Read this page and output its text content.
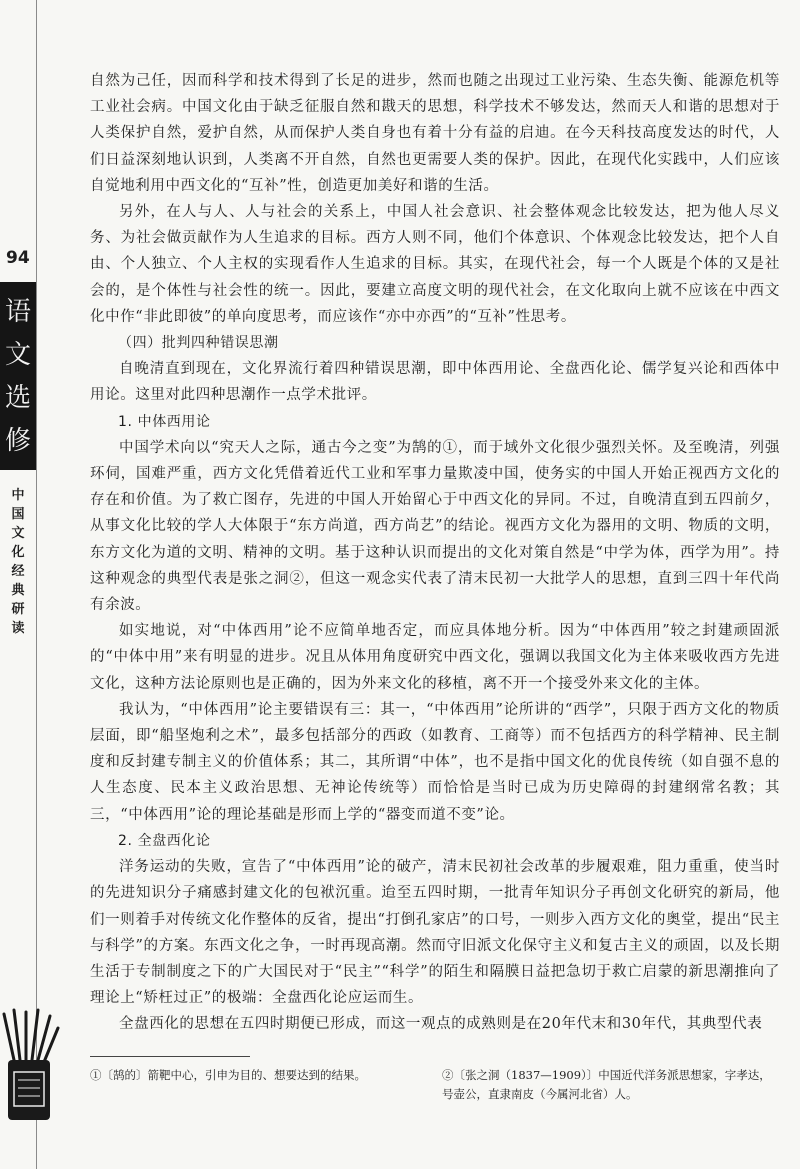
94
语
文
选
修
中国文化经典研读

自然为己任，因而科学和技术得到了长足的进步，然而也随之出现过工业污染、生态失衡、能源危机等工业社会病。中国文化由于缺乏征服自然和戡天的思想，科学技术不够发达，然而天人和谐的思想对于人类保护自然，爱护自然，从而保护人类自身也有着十分有益的启迪。在今天科技高度发达的时代，人们日益深刻地认识到，人类离不开自然，自然也更需要人类的保护。因此，在现代化实践中，人们应该自觉地利用中西文化的“互补”性，创造更加美好和谐的生活。

另外，在人与人、人与社会的关系上，中国人社会意识、社会整体观念比较发达，把为他人尽义务、为社会做贡献作为人生追求的目标。西方人则不同，他们个体意识、个体观念比较发达，把个人自由、个人独立、个人主权的实现看作人生追求的目标。其实，在现代社会，每一个人既是个体的又是社会的，是个体性与社会性的统一。因此，要建立高度文明的现代社会，在文化取向上就不应该在中西文化中作“非此即彼”的单向度思考，而应该作“亦中亦西”的“互补”性思考。

（四）批判四种错误思潮

自晚清直到现在，文化界流行着四种错误思潮，即中体西用论、全盘西化论、儒学复兴论和西体中用论。这里对此四种思潮作一点学术批评。

1. 中体西用论

中国学术向以“究天人之际，通古今之变”为鹄的①，而于域外文化很少强烈关怀。及至晚清，列强环伺，国难严重，西方文化凭借着近代工业和军事力量欺凌中国，使务实的中国人开始正视西方文化的存在和价值。为了救亡图存，先进的中国人开始留心于中西文化的异同。不过，自晚清直到五四前夕，从事文化比较的学人大体限于“东方尚道，西方尚艺”的结论。视西方文化为器用的文明、物质的文明，东方文化为道的文明、精神的文明。基于这种认识而提出的文化对策自然是“中学为体，西学为用”。持这种观念的典型代表是张之洞②，但这一观念实代表了清末民初一大批学人的思想，直到三四十年代尚有余波。

如实地说，对“中体西用”论不应简单地否定，而应具体地分析。因为“中体西用”较之封建顽固派的“中体中用”来有明显的进步。况且从体用角度研究中西文化，强调以我国文化为主体来吸收西方先进文化，这种方法论原则也是正确的，因为外来文化的移植，离不开一个接受外来文化的主体。

我认为，“中体西用”论主要错误有三：其一，“中体西用”论所讲的“西学”，只限于西方文化的物质层面，即“船坚炮利之术”，最多包括部分的西政（如教育、工商等）而不包括西方的科学精神、民主制度和反封建专制主义的价值体系；其二，其所谓“中体”，也不是指中国文化的优良传统（如自强不息的人生态度、民本主义政治思想、无神论传统等）而恰恰是当时已成为历史障碍的封建纲常名教；其三，“中体西用”论的理论基础是形而上学的“器变而道不变”论。

2. 全盘西化论

洋务运动的失败，宣告了“中体西用”论的破产，清末民初社会改革的步履艰难，阻力重重，使当时的先进知识分子痛感封建文化的包袱沉重。迨至五四时期，一批青年知识分子再创文化研究的新局，他们一则着手对传统文化作整体的反省，提出“打倒孔家店”的口号，一则步入西方文化的奥堂，提出“民主与科学”的方案。东西文化之争，一时再现高潮。然而守旧派文化保守主义和复古主义的顽固，以及长期生活于专制制度之下的广大国民对于“民主”“科学”的陌生和隔膜日益把急切于救亡启蒙的新思潮推向了理论上“矫枉过正”的极端：全盘西化论应运而生。

全盘西化的思想在五四时期便已形成，而这一观点的成熟则是在20年代末和30年代，其典型代表

①〔鹄的〕箭靶中心，引申为目的、想要达到的结果。	②〔张之洞（1837—1909）〕中国近代洋务派思想家，字孝达，号壶公，直隶南皮（今属河北省）人。
